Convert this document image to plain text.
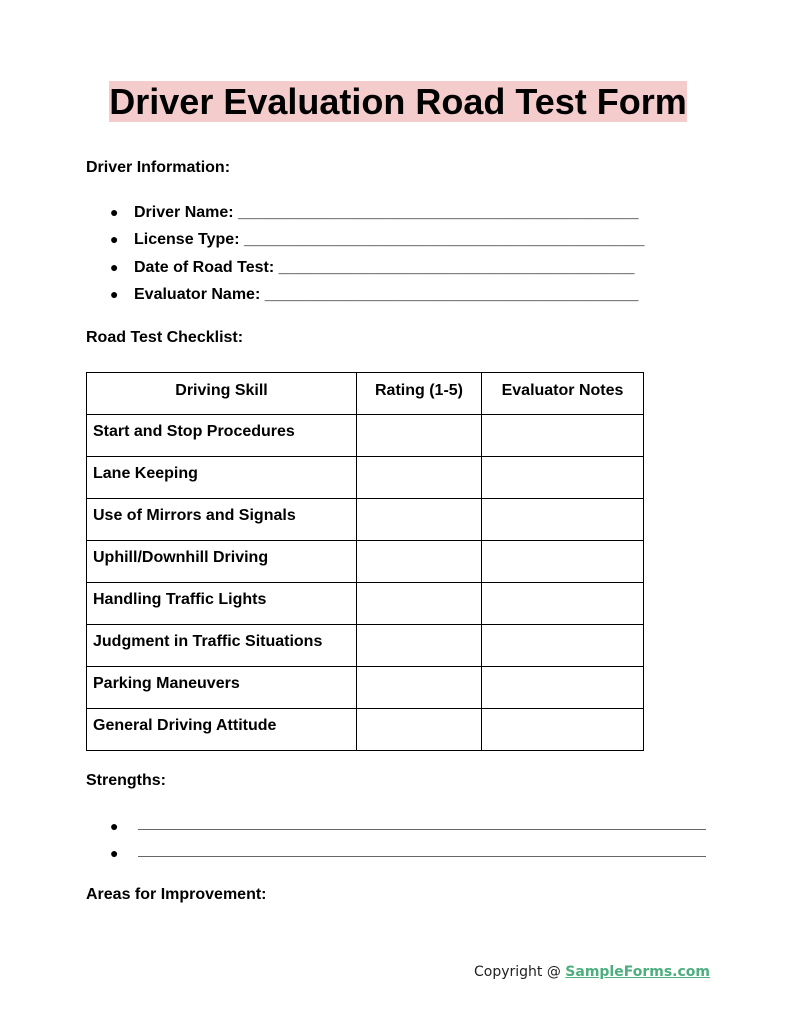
Driver Evaluation Road Test Form
Driver Information:
● Driver Name: _____________________________________________
● License Type: _____________________________________________
● Date of Road Test: ________________________________________
● Evaluator Name: __________________________________________
Road Test Checklist:
Driving Skill	Rating (1-5)	Evaluator Notes
Start and Stop Procedures		
Lane Keeping		
Use of Mirrors and Signals		
Uphill/Downhill Driving		
Handling Traffic Lights		
Judgment in Traffic Situations		
Parking Maneuvers		
General Driving Attitude		
Strengths:
●
●
Areas for Improvement:
Copyright @ SampleForms.com
